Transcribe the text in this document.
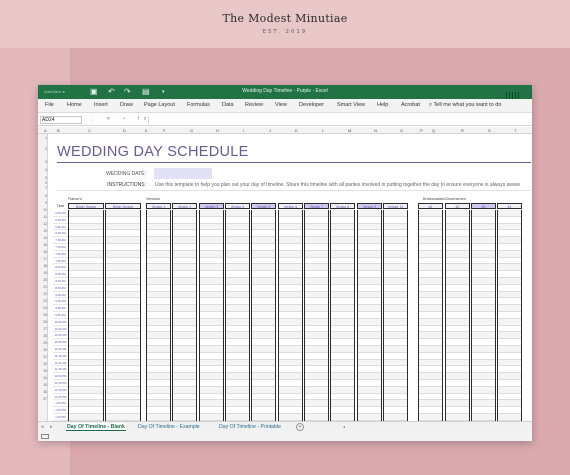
The Modest Minutiae
EST. 2019
AutoSave ●	▣ ↶ ↷ ▤ ▾	Wedding Day Timeline - Purple - Excel
File Home Insert Draw Page Layout Formulas Data Review View Developer Smart View Help Acrobat ⌕ Tell me what you want to do
AD24	⋮ ✕ ✓ fx
A	B	C	D	E	F	G	H	I	J	K	L	M	N	O	P Q	R	S	T
1
2
3
4
5
6
7
8
9
10
11
12
13
14
15
16
17
18
19
20
21
22
23
24
25
26
27
28
29
30
31
32
33
34
35
36
37
WEDDING DAY SCHEDULE
WEDDING DATE:
INSTRUCTIONS: Use this template to help you plan out your day of timeline. Share this timeline with all parties involved in putting together the day to ensure everyone is always aware
Fiance's	Vendors	Bridesmaids/Groomsmen
Time
6:00 AM
6:15 AM
6:30 AM
6:45 AM
7:00 AM
7:15 AM
7:30 AM
7:45 AM
8:00 AM
8:15 AM
8:30 AM
8:45 AM
9:00 AM
9:15 AM
9:30 AM
9:45 AM
10:00 AM
10:15 AM
10:30 AM
10:45 AM
11:00 AM
11:15 AM
11:30 AM
11:45 AM
12:00 PM
12:15 PM
12:30 PM
12:45 PM
1:00 PM
1:15 PM
1:30 PM
Bride/ Groom	Bride/ Groom	Vendor 1	Vendor 2	Vendor 3	Vendor 4	Vendor 5	Vendor 6	Vendor 7	Vendor 8	Vendor 9	Vendor 10	#1	#2	#3	#4
◂ ▸	Day Of Timeline - Blank	Day Of Timeline - Example	Day Of Timeline - Printable	+	◂
